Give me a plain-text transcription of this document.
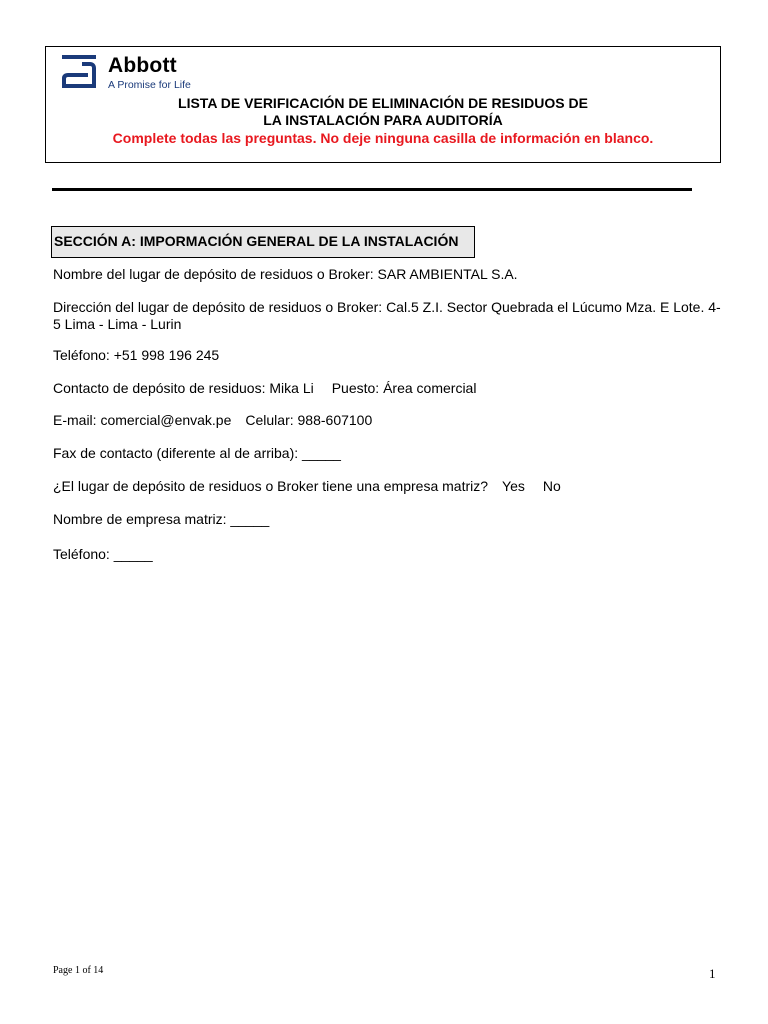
Abbott
A Promise for Life
LISTA DE VERIFICACIÓN DE ELIMINACIÓN DE RESIDUOS DE
LA INSTALACIÓN PARA AUDITORÍA
Complete todas las preguntas. No deje ninguna casilla de información en blanco.
SECCIÓN A: IMPORMACIÓN GENERAL DE LA INSTALACIÓN
Nombre del lugar de depósito de residuos o Broker: SAR AMBIENTAL S.A.
Dirección del lugar de depósito de residuos o Broker: Cal.5 Z.I. Sector Quebrada el Lúcumo Mza. E Lote. 4-5 Lima - Lima - Lurin
Teléfono: +51 998 196 245
Contacto de depósito de residuos: Mika Li Puesto: Área comercial
E-mail: comercial@envak.pe Celular: 988-607100
Fax de contacto (diferente al de arriba): _____
¿El lugar de depósito de residuos o Broker tiene una empresa matriz? Yes No
Nombre de empresa matriz: _____
Teléfono: _____
Page 1 of 14	1
